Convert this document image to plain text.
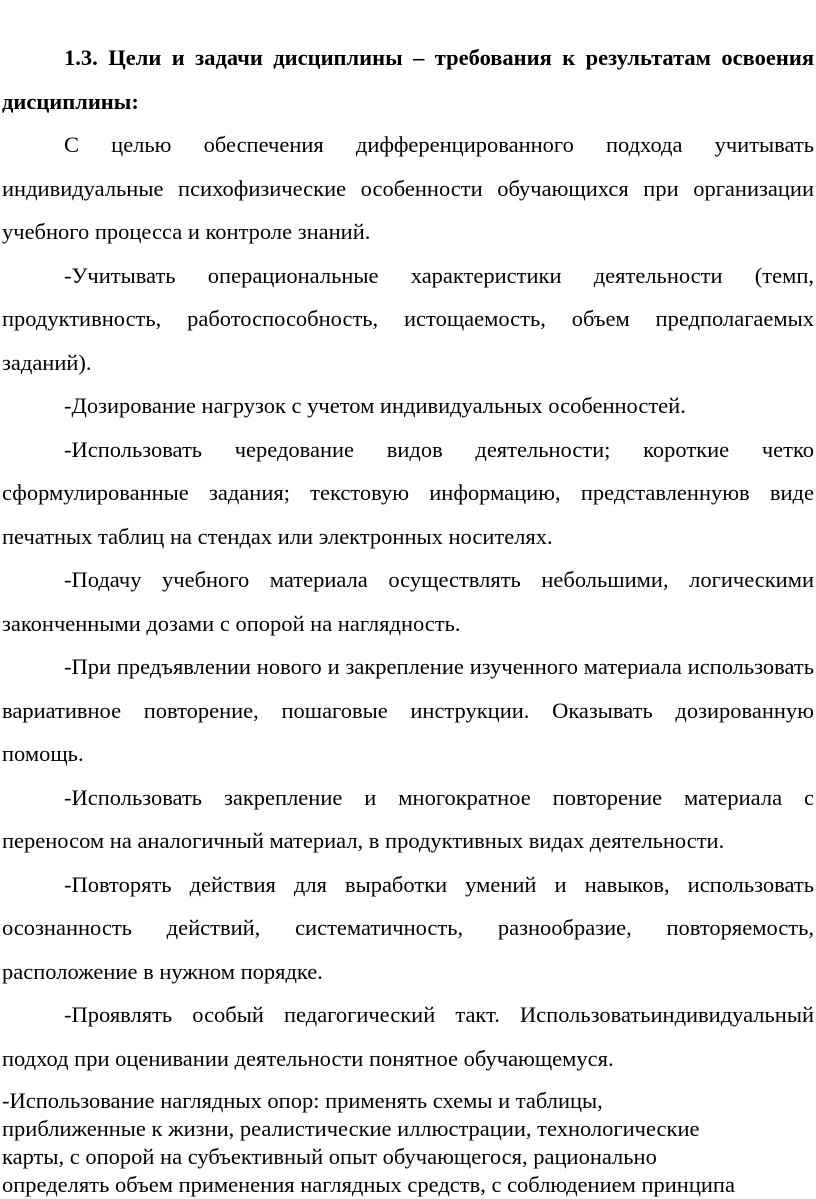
1.3. Цели и задачи дисциплины – требования к результатам освоения дисциплины:

С целью обеспечения дифференцированного подхода учитывать индивидуальные психофизические особенности обучающихся при организации учебного процесса и контроле знаний.

-Учитывать операциональные характеристики деятельности (темп, продуктивность, работоспособность, истощаемость, объем предполагаемых заданий).

-Дозирование нагрузок с учетом индивидуальных особенностей.

-Использовать чередование видов деятельности; короткие четко сформулированные задания; текстовую информацию, представленнуюв виде печатных таблиц на стендах или электронных носителях.

-Подачу учебного материала осуществлять небольшими, логическими законченными дозами с опорой на наглядность.

-При предъявлении нового и закрепление изученного материала использовать вариативное повторение, пошаговые инструкции. Оказывать дозированную помощь.

-Использовать закрепление и многократное повторение материала с переносом на аналогичный материал, в продуктивных видах деятельности.

-Повторять действия для выработки умений и навыков, использовать осознанность действий, систематичность, разнообразие, повторяемость, расположение в нужном порядке.

-Проявлять особый педагогический такт. Использоватьиндивидуальный подход при оценивании деятельности понятное обучающемуся.

-Использование наглядных опор: применять схемы и таблицы,
приближенные к жизни, реалистические иллюстрации, технологические
карты, с опорой на субъективный опыт обучающегося, рационально
определять объем применения наглядных средств, с соблюдением принципа
